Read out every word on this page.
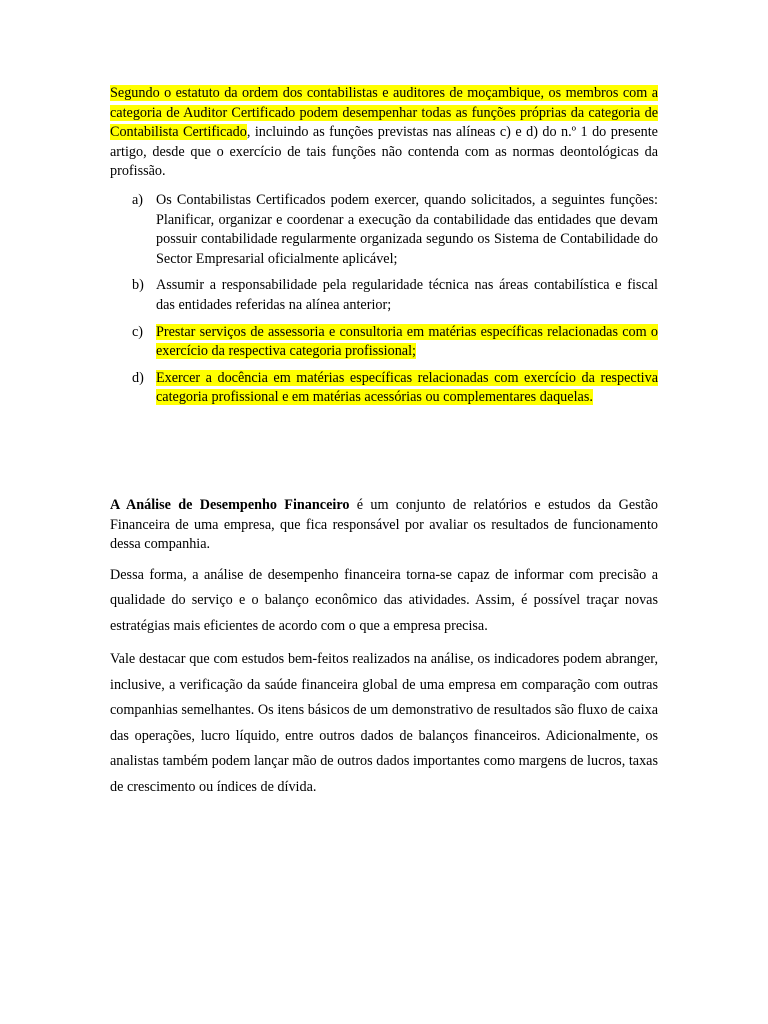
Segundo o estatuto da ordem dos contabilistas e auditores de moçambique, os membros com a categoria de Auditor Certificado podem desempenhar todas as funções próprias da categoria de Contabilista Certificado, incluindo as funções previstas nas alíneas c) e d) do n.º 1 do presente artigo, desde que o exercício de tais funções não contenda com as normas deontológicas da profissão.

a) Os Contabilistas Certificados podem exercer, quando solicitados, a seguintes funções: Planificar, organizar e coordenar a execução da contabilidade das entidades que devam possuir contabilidade regularmente organizada segundo os Sistema de Contabilidade do Sector Empresarial oficialmente aplicável;
b) Assumir a responsabilidade pela regularidade técnica nas áreas contabilística e fiscal das entidades referidas na alínea anterior;
c) Prestar serviços de assessoria e consultoria em matérias específicas relacionadas com o exercício da respectiva categoria profissional;
d) Exercer a docência em matérias específicas relacionadas com exercício da respectiva categoria profissional e em matérias acessórias ou complementares daquelas.

A Análise de Desempenho Financeiro é um conjunto de relatórios e estudos da Gestão Financeira de uma empresa, que fica responsável por avaliar os resultados de funcionamento dessa companhia.

Dessa forma, a análise de desempenho financeira torna-se capaz de informar com precisão a qualidade do serviço e o balanço econômico das atividades. Assim, é possível traçar novas estratégias mais eficientes de acordo com o que a empresa precisa.

Vale destacar que com estudos bem-feitos realizados na análise, os indicadores podem abranger, inclusive, a verificação da saúde financeira global de uma empresa em comparação com outras companhias semelhantes. Os itens básicos de um demonstrativo de resultados são fluxo de caixa das operações, lucro líquido, entre outros dados de balanços financeiros. Adicionalmente, os analistas também podem lançar mão de outros dados importantes como margens de lucros, taxas de crescimento ou índices de dívida.
